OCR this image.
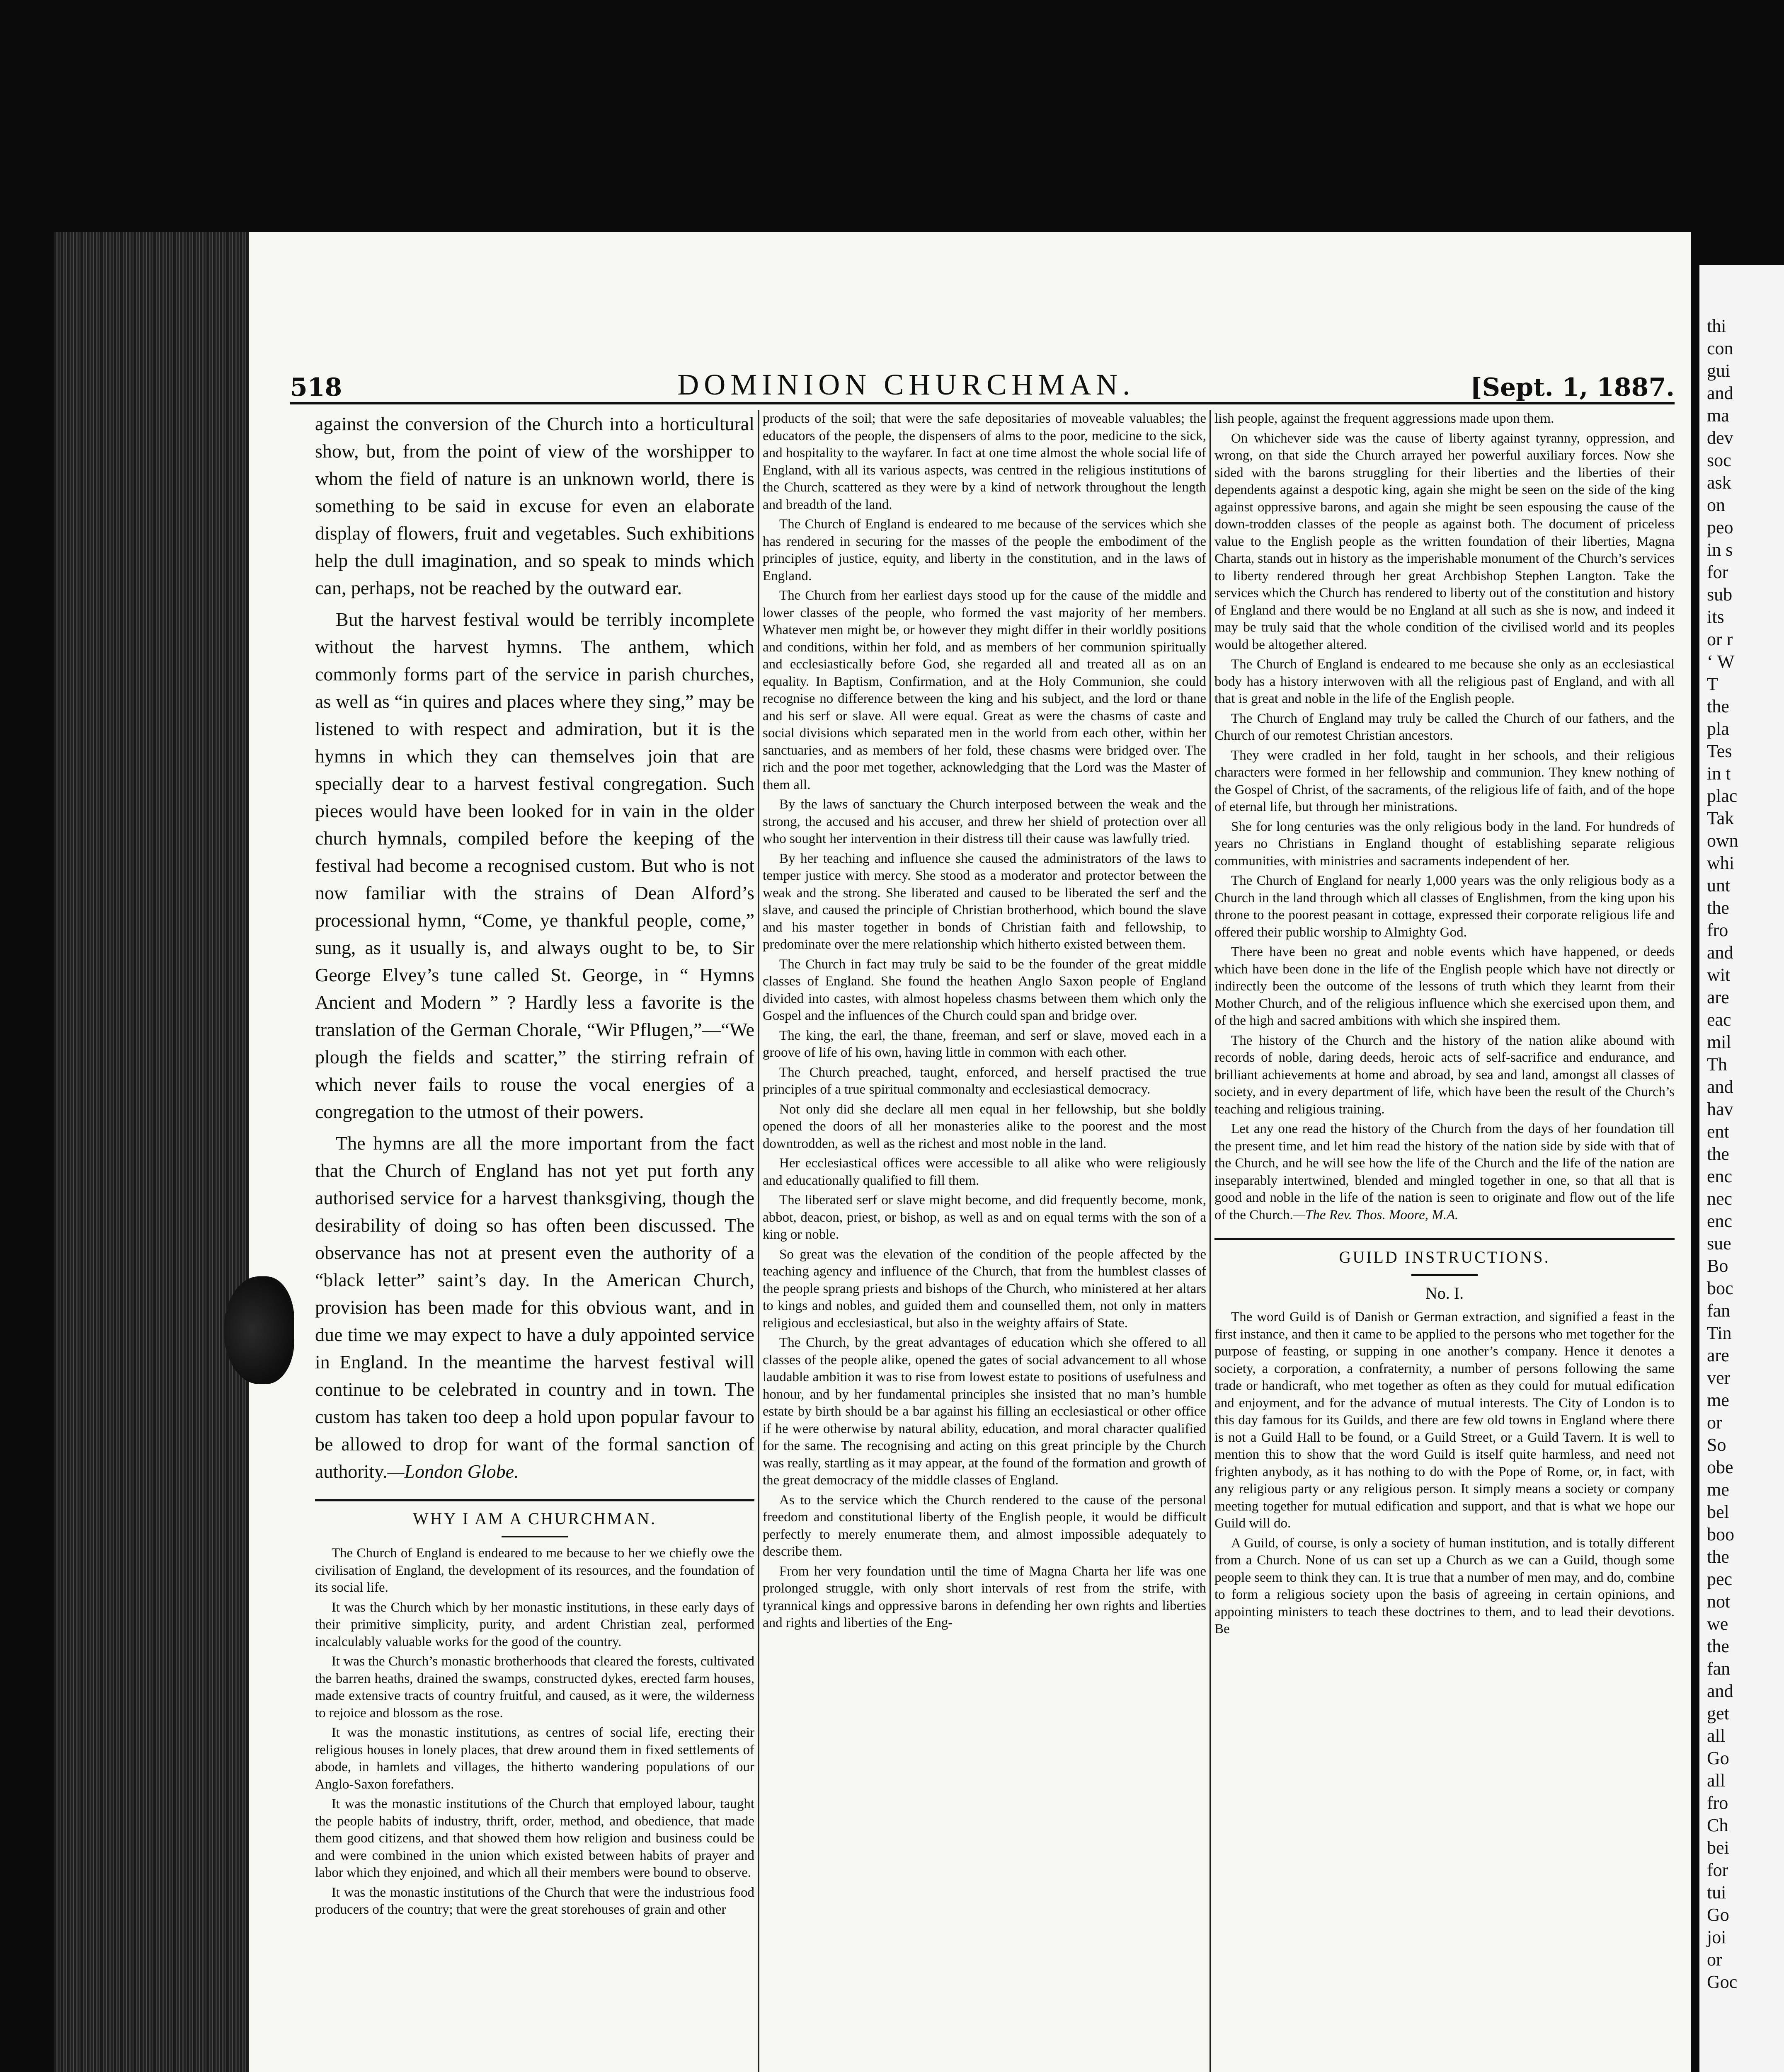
thi
con
gui
and
ma
dev
soc
ask
on
peo
in s
for
sub
its
or r
‘ W
T
the
pla
Tes
in t
plac
Tak
own
whi
unt
the
fro
and
wit
are
eac
mil
Th
and
hav
ent
the
enc
nec
enc
sue
Bo
boc
fan
Tin
are
ver
me
or
So
obe
me
bel
boo
the
pec
not
we
the
fan
and
get
all
Go
all
fro
Ch
bei
for
tui
Go
joi
or
Goc
518	DOMINION CHURCHMAN.	[Sept. 1, 1887.

against the conversion of the Church into a horticultural show, but, from the point of view of the worshipper to whom the field of nature is an unknown world, there is something to be said in excuse for even an elaborate display of flowers, fruit and vegetables. Such exhibitions help the dull imagination, and so speak to minds which can, perhaps, not be reached by the outward ear.

But the harvest festival would be terribly incomplete without the harvest hymns. The anthem, which commonly forms part of the service in parish churches, as well as “in quires and places where they sing,” may be listened to with respect and admiration, but it is the hymns in which they can themselves join that are specially dear to a harvest festival congregation. Such pieces would have been looked for in vain in the older church hymnals, compiled before the keeping of the festival had become a recognised custom. But who is not now familiar with the strains of Dean Alford’s processional hymn, “Come, ye thankful people, come,” sung, as it usually is, and always ought to be, to Sir George Elvey’s tune called St. George, in “ Hymns Ancient and Modern ” ? Hardly less a favorite is the translation of the German Chorale, “Wir Pflugen,”—“We plough the fields and scatter,” the stirring refrain of which never fails to rouse the vocal energies of a congregation to the utmost of their powers.

The hymns are all the more important from the fact that the Church of England has not yet put forth any authorised service for a harvest thanksgiving, though the desirability of doing so has often been discussed. The observance has not at present even the authority of a “black letter” saint’s day. In the American Church, provision has been made for this obvious want, and in due time we may expect to have a duly appointed service in England. In the meantime the harvest festival will continue to be celebrated in country and in town. The custom has taken too deep a hold upon popular favour to be allowed to drop for want of the formal sanction of authority.—London Globe.

WHY I AM A CHURCHMAN.

The Church of England is endeared to me because to her we chiefly owe the civilisation of England, the development of its resources, and the foundation of its social life.

It was the Church which by her monastic institutions, in these early days of their primitive simplicity, purity, and ardent Christian zeal, performed incalculably valuable works for the good of the country.

It was the Church’s monastic brotherhoods that cleared the forests, cultivated the barren heaths, drained the swamps, constructed dykes, erected farm houses, made extensive tracts of country fruitful, and caused, as it were, the wilderness to rejoice and blossom as the rose.

It was the monastic institutions, as centres of social life, erecting their religious houses in lonely places, that drew around them in fixed settlements of abode, in hamlets and villages, the hitherto wandering populations of our Anglo-Saxon forefathers.

It was the monastic institutions of the Church that employed labour, taught the people habits of industry, thrift, order, method, and obedience, that made them good citizens, and that showed them how religion and business could be and were combined in the union which existed between habits of prayer and labor which they enjoined, and which all their members were bound to observe.

It was the monastic institutions of the Church that were the industrious food producers of the country; that were the great storehouses of grain and other

products of the soil; that were the safe depositaries of moveable valuables; the educators of the people, the dispensers of alms to the poor, medicine to the sick, and hospitality to the wayfarer. In fact at one time almost the whole social life of England, with all its various aspects, was centred in the religious institutions of the Church, scattered as they were by a kind of network throughout the length and breadth of the land.

The Church of England is endeared to me because of the services which she has rendered in securing for the masses of the people the embodiment of the principles of justice, equity, and liberty in the constitution, and in the laws of England.

The Church from her earliest days stood up for the cause of the middle and lower classes of the people, who formed the vast majority of her members. Whatever men might be, or however they might differ in their worldly positions and conditions, within her fold, and as members of her communion spiritually and ecclesiastically before God, she regarded all and treated all as on an equality. In Baptism, Confirmation, and at the Holy Communion, she could recognise no difference between the king and his subject, and the lord or thane and his serf or slave. All were equal. Great as were the chasms of caste and social divisions which separated men in the world from each other, within her sanctuaries, and as members of her fold, these chasms were bridged over. The rich and the poor met together, acknowledging that the Lord was the Master of them all.

By the laws of sanctuary the Church interposed between the weak and the strong, the accused and his accuser, and threw her shield of protection over all who sought her intervention in their distress till their cause was lawfully tried.

By her teaching and influence she caused the administrators of the laws to temper justice with mercy. She stood as a moderator and protector between the weak and the strong. She liberated and caused to be liberated the serf and the slave, and caused the principle of Christian brotherhood, which bound the slave and his master together in bonds of Christian faith and fellowship, to predominate over the mere relationship which hitherto existed between them.

The Church in fact may truly be said to be the founder of the great middle classes of England. She found the heathen Anglo Saxon people of England divided into castes, with almost hopeless chasms between them which only the Gospel and the influences of the Church could span and bridge over.

The king, the earl, the thane, freeman, and serf or slave, moved each in a groove of life of his own, having little in common with each other.

The Church preached, taught, enforced, and herself practised the true principles of a true spiritual commonalty and ecclesiastical democracy.

Not only did she declare all men equal in her fellowship, but she boldly opened the doors of all her monasteries alike to the poorest and the most downtrodden, as well as the richest and most noble in the land.

Her ecclesiastical offices were accessible to all alike who were religiously and educationally qualified to fill them.

The liberated serf or slave might become, and did frequently become, monk, abbot, deacon, priest, or bishop, as well as and on equal terms with the son of a king or noble.

So great was the elevation of the condition of the people affected by the teaching agency and influence of the Church, that from the humblest classes of the people sprang priests and bishops of the Church, who ministered at her altars to kings and nobles, and guided them and counselled them, not only in matters religious and ecclesiastical, but also in the weighty affairs of State.

The Church, by the great advantages of education which she offered to all classes of the people alike, opened the gates of social advancement to all whose laudable ambition it was to rise from lowest estate to positions of usefulness and honour, and by her fundamental principles she insisted that no man’s humble estate by birth should be a bar against his filling an ecclesiastical or other office if he were otherwise by natural ability, education, and moral character qualified for the same. The recognising and acting on this great principle by the Church was really, startling as it may appear, at the found of the formation and growth of the great democracy of the middle classes of England.

As to the service which the Church rendered to the cause of the personal freedom and constitutional liberty of the English people, it would be difficult perfectly to merely enumerate them, and almost impossible adequately to describe them.

From her very foundation until the time of Magna Charta her life was one prolonged struggle, with only short intervals of rest from the strife, with tyrannical kings and oppressive barons in defending her own rights and liberties and rights and liberties of the Eng-

lish people, against the frequent aggressions made upon them.

On whichever side was the cause of liberty against tyranny, oppression, and wrong, on that side the Church arrayed her powerful auxiliary forces. Now she sided with the barons struggling for their liberties and the liberties of their dependents against a despotic king, again she might be seen on the side of the king against oppressive barons, and again she might be seen espousing the cause of the down-trodden classes of the people as against both. The document of priceless value to the English people as the written foundation of their liberties, Magna Charta, stands out in history as the imperishable monument of the Church’s services to liberty rendered through her great Archbishop Stephen Langton. Take the services which the Church has rendered to liberty out of the constitution and history of England and there would be no England at all such as she is now, and indeed it may be truly said that the whole condition of the civilised world and its peoples would be altogether altered.

The Church of England is endeared to me because she only as an ecclesiastical body has a history interwoven with all the religious past of England, and with all that is great and noble in the life of the English people.

The Church of England may truly be called the Church of our fathers, and the Church of our remotest Christian ancestors.

They were cradled in her fold, taught in her schools, and their religious characters were formed in her fellowship and communion. They knew nothing of the Gospel of Christ, of the sacraments, of the religious life of faith, and of the hope of eternal life, but through her ministrations.

She for long centuries was the only religious body in the land. For hundreds of years no Christians in England thought of establishing separate religious communities, with ministries and sacraments independent of her.

The Church of England for nearly 1,000 years was the only religious body as a Church in the land through which all classes of Englishmen, from the king upon his throne to the poorest peasant in cottage, expressed their corporate religious life and offered their public worship to Almighty God.

There have been no great and noble events which have happened, or deeds which have been done in the life of the English people which have not directly or indirectly been the outcome of the lessons of truth which they learnt from their Mother Church, and of the religious influence which she exercised upon them, and of the high and sacred ambitions with which she inspired them.

The history of the Church and the history of the nation alike abound with records of noble, daring deeds, heroic acts of self-sacrifice and endurance, and brilliant achievements at home and abroad, by sea and land, amongst all classes of society, and in every department of life, which have been the result of the Church’s teaching and religious training.

Let any one read the history of the Church from the days of her foundation till the present time, and let him read the history of the nation side by side with that of the Church, and he will see how the life of the Church and the life of the nation are inseparably intertwined, blended and mingled together in one, so that all that is good and noble in the life of the nation is seen to originate and flow out of the life of the Church.—The Rev. Thos. Moore, M.A.

GUILD INSTRUCTIONS.
No. I.

The word Guild is of Danish or German extraction, and signified a feast in the first instance, and then it came to be applied to the persons who met together for the purpose of feasting, or supping in one another’s company. Hence it denotes a society, a corporation, a confraternity, a number of persons following the same trade or handicraft, who met together as often as they could for mutual edification and enjoyment, and for the advance of mutual interests. The City of London is to this day famous for its Guilds, and there are few old towns in England where there is not a Guild Hall to be found, or a Guild Street, or a Guild Tavern. It is well to mention this to show that the word Guild is itself quite harmless, and need not frighten anybody, as it has nothing to do with the Pope of Rome, or, in fact, with any religious party or any religious person. It simply means a society or company meeting together for mutual edification and support, and that is what we hope our Guild will do.

A Guild, of course, is only a society of human institution, and is totally different from a Church. None of us can set up a Church as we can a Guild, though some people seem to think they can. It is true that a number of men may, and do, combine to form a religious society upon the basis of agreeing in certain opinions, and appointing ministers to teach these doctrines to them, and to lead their devotions. Be
